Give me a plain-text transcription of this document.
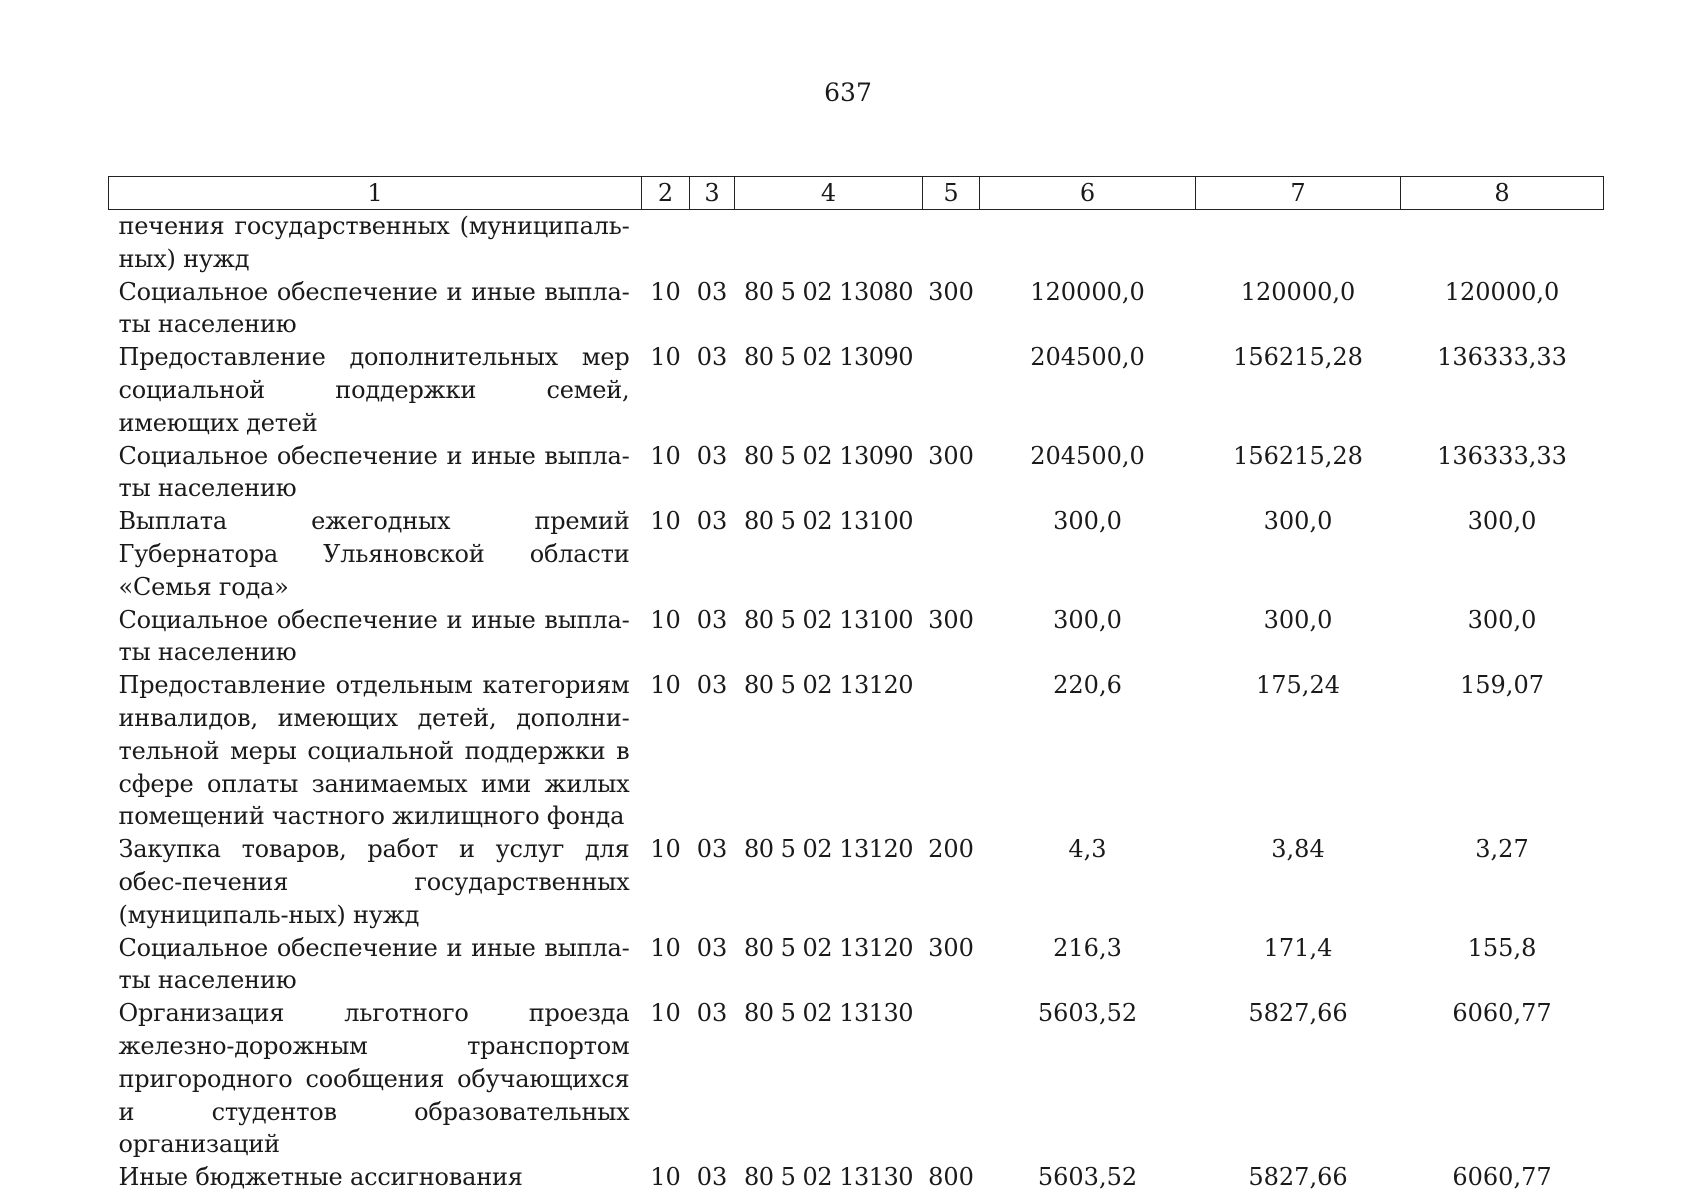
637
1	2	3	4	5	6	7	8
печения государственных (муниципаль-ных) нужд							
Социальное обеспечение и иные выпла-ты населению	10	03	80 5 02 13080	300	120000,0	120000,0	120000,0
Предоставление дополнительных мер социальной поддержки семей, имеющих детей	10	03	80 5 02 13090		204500,0	156215,28	136333,33
Социальное обеспечение и иные выпла-ты населению	10	03	80 5 02 13090	300	204500,0	156215,28	136333,33
Выплата ежегодных премий Губернатора Ульяновской области «Семья года»	10	03	80 5 02 13100		300,0	300,0	300,0
Социальное обеспечение и иные выпла-ты населению	10	03	80 5 02 13100	300	300,0	300,0	300,0
Предоставление отдельным категориям инвалидов, имеющих детей, дополни-тельной меры социальной поддержки в сфере оплаты занимаемых ими жилых помещений частного жилищного фонда	10	03	80 5 02 13120		220,6	175,24	159,07
Закупка товаров, работ и услуг для обес-печения государственных (муниципаль-ных) нужд	10	03	80 5 02 13120	200	4,3	3,84	3,27
Социальное обеспечение и иные выпла-ты населению	10	03	80 5 02 13120	300	216,3	171,4	155,8
Организация льготного проезда железно-дорожным транспортом пригородного сообщения обучающихся и студентов образовательных организаций	10	03	80 5 02 13130		5603,52	5827,66	6060,77
Иные бюджетные ассигнования	10	03	80 5 02 13130	800	5603,52	5827,66	6060,77
